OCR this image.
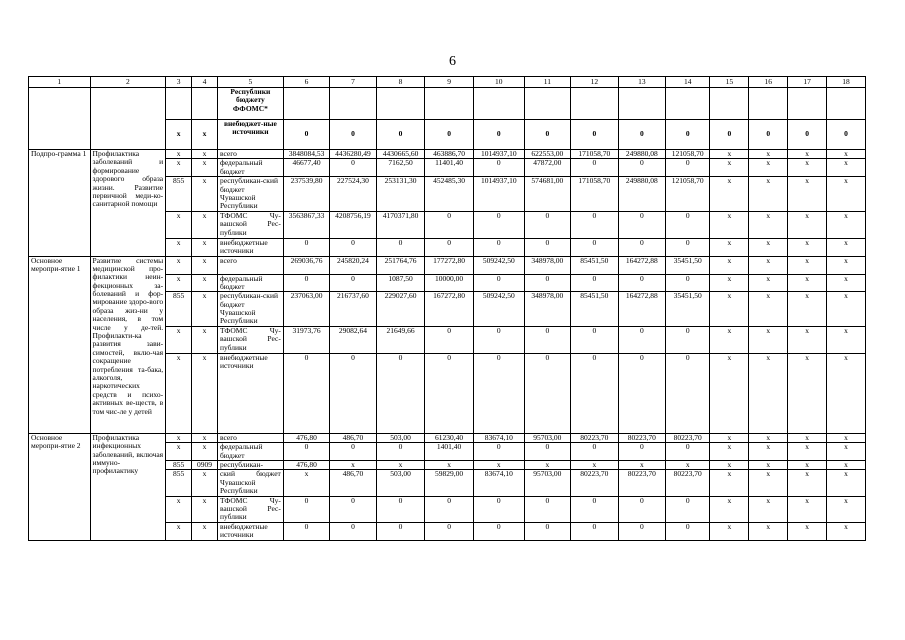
6
1	2	3	4	5	6	7	8	9	10	11	12	13	14	15	16	17	18
				Республики бюджету ФФОМС*													
		x	x	внебюджет-ные источники	0	0	0	0	0	0	0	0	0	0	0	0	0
Подпро-грамма 1	Профилактика заболеваний и формирование здорового образа жизни. Развитие первичной меди-ко-санитарной помощи	x	x	всего	3848084,53	4436280,49	4430665,60	463886,70	1014937,10	622553,00	171058,70	249880,08	121058,70	x	x	x	x
		x	x	федеральный бюджет	46677,40	0	7162,50	11401,40	0	47872,00	0	0	0	x	x	x	x
		855	x	республикан-ский бюджет Чувашской Республики	237539,80	227524,30	253131,30	452485,30	1014937,10	574681,00	171058,70	249880,08	121058,70	x	x	x	x
		x	x	ТФОМС Чу-вашской Рес-публики	3563867,33	4208756,19	4170371,80	0	0	0	0	0	0	x	x	x	x
		x	x	внебюджетные источники	0	0	0	0	0	0	0	0	0	x	x	x	x
Основное меропри-ятие 1	Развитие системы медицинской про-филактики неин-фекционных за-болеваний и фор-мирование здоро-вого образа жиз-ни у населения, в том числе у де-тей. Профилакти-ка развития зави-симостей, вклю-чая сокращение потребления та-бака, алкоголя, наркотических средств и психо-активных ве-ществ, в том чис-ле у детей	x	x	всего	269036,76	245820,24	251764,76	177272,80	509242,50	348978,00	85451,50	164272,88	35451,50	x	x	x	x
		x	x	федеральный бюджет	0	0	1087,50	10000,00	0	0	0	0	0	x	x	x	x
		855	x	республикан-ский бюджет Чувашской Республики	237063,00	216737,60	229027,60	167272,80	509242,50	348978,00	85451,50	164272,88	35451,50	x	x	x	x
		x	x	ТФОМС Чу-вашской Рес-публики	31973,76	29082,64	21649,66	0	0	0	0	0	0	x	x	x	x
		x	x	внебюджетные источники	0	0	0	0	0	0	0	0	0	x	x	x	x
Основное меропри-ятие 2	Профилактика инфекционных заболеваний, включая иммуно-профилактику	x	x	всего	476,80	486,70	503,00	61230,40	83674,10	95703,00	80223,70	80223,70	80223,70	x	x	x	x
		x	x	федеральный бюджет	0	0	0	1401,40	0	0	0	0	0	x	x	x	x
		855	0909	республикан-	476,80	x	x	x	x	x	x	x	x	x	x	x	x
		855	x	ский бюджет Чувашской Республики	x	486,70	503,00	59829,00	83674,10	95703,00	80223,70	80223,70	80223,70	x	x	x	x
		x	x	ТФОМС Чу-вашской Рес-публики	0	0	0	0	0	0	0	0	0	x	x	x	x
		x	x	внебюджетные источники	0	0	0	0	0	0	0	0	0	x	x	x	x
